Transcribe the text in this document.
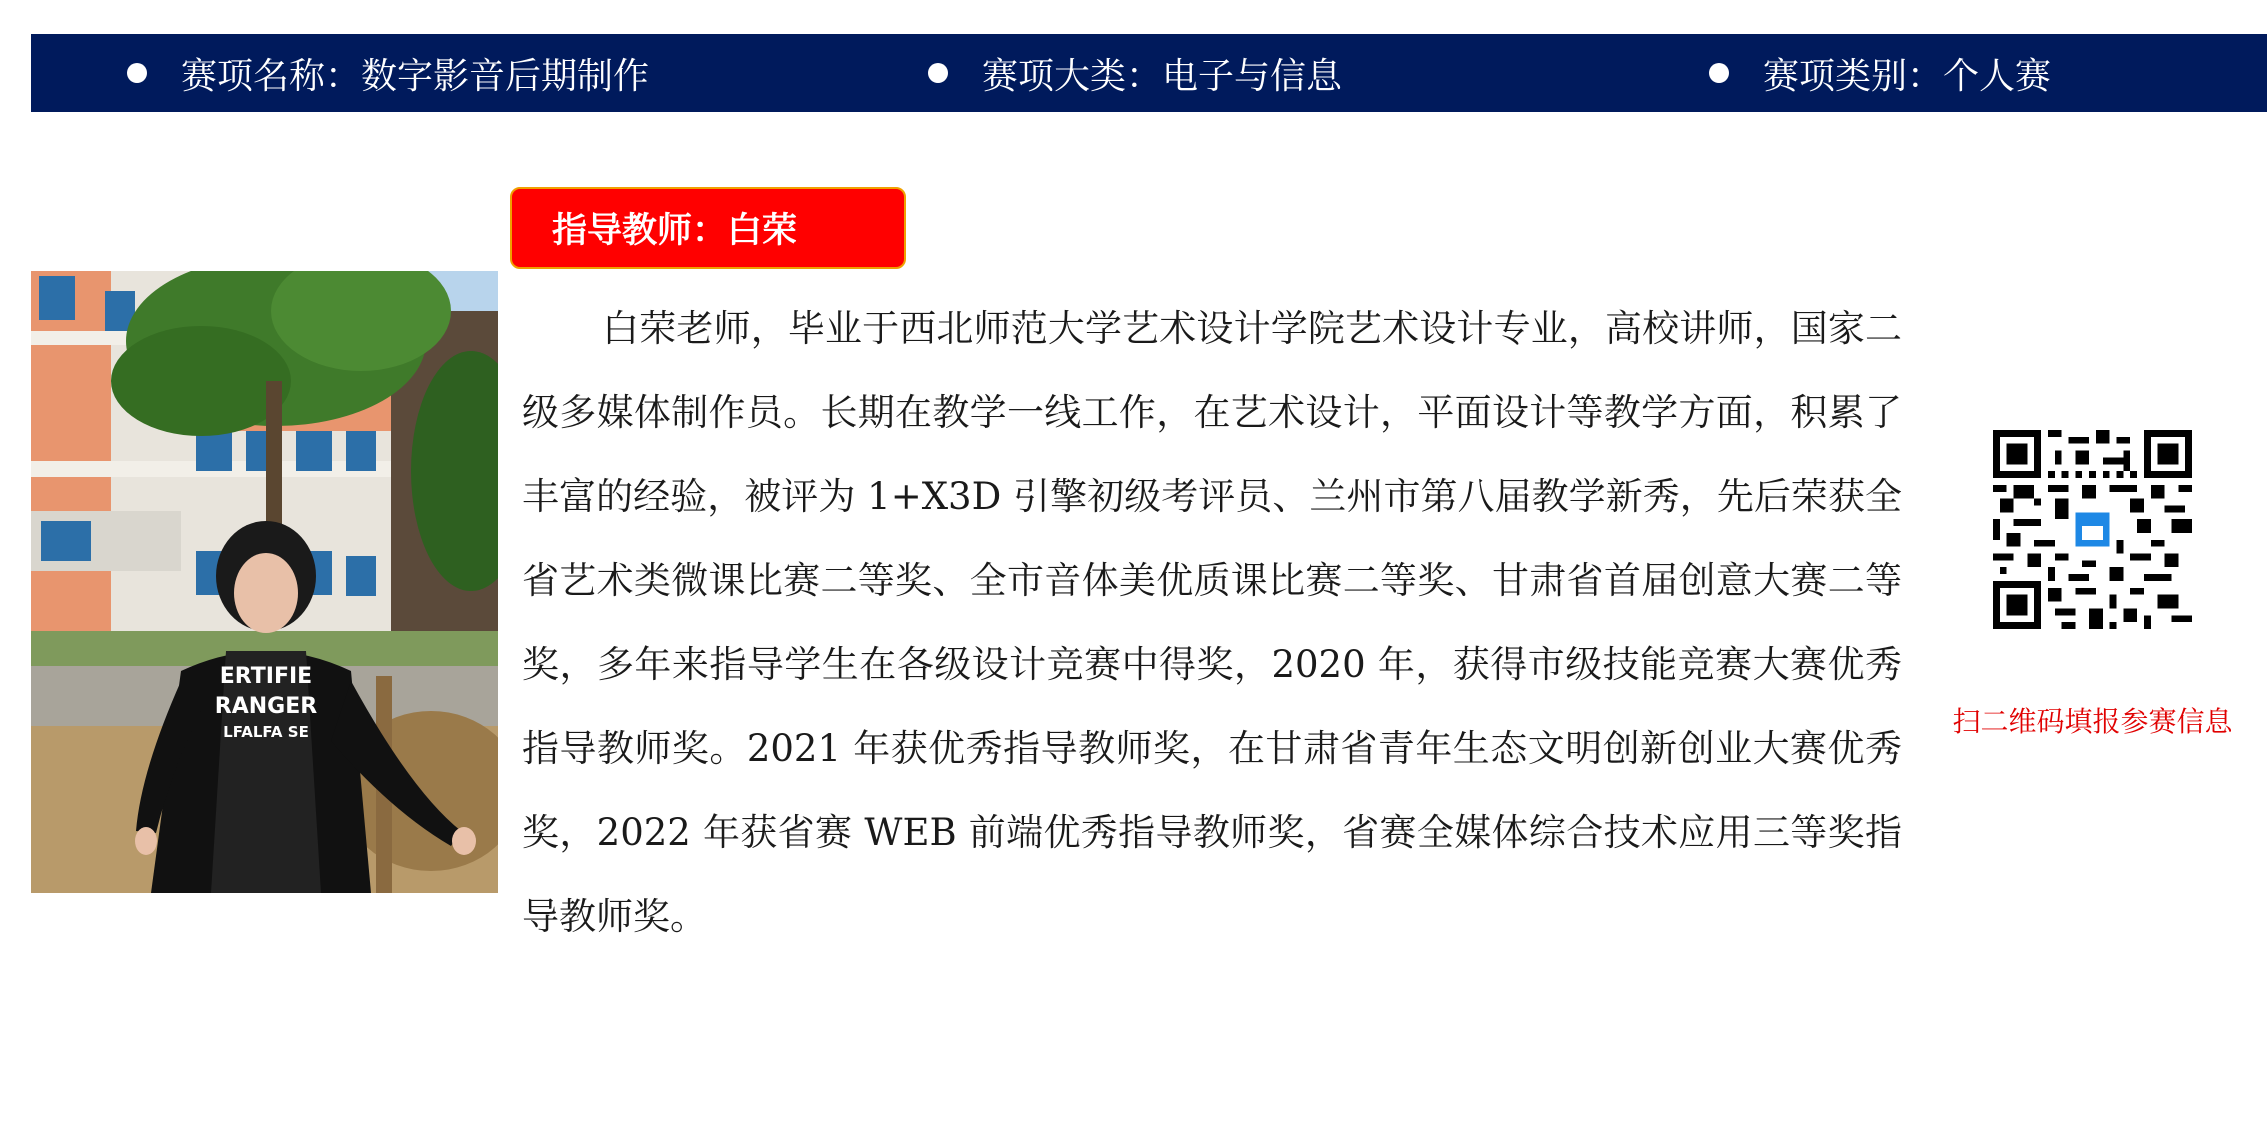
赛项名称：数字影音后期制作	赛项大类：电子与信息	赛项类别：个人赛
指导教师：白荣
ERTIFIE
RANGER
LFALFA SE

白荣老师，毕业于西北师范大学艺术设计学院艺术设计专业，高校讲师，国家二级多媒体制作员。长期在教学一线工作，在艺术设计，平面设计等教学方面，积累了丰富的经验，被评为 1+X3D 引擎初级考评员、兰州市第八届教学新秀，先后荣获全省艺术类微课比赛二等奖、全市音体美优质课比赛二等奖、甘肃省首届创意大赛二等奖，多年来指导学生在各级设计竞赛中得奖，2020 年，获得市级技能竞赛大赛优秀指导教师奖。2021 年获优秀指导教师奖，在甘肃省青年生态文明创新创业大赛优秀奖，2022 年获省赛 WEB 前端优秀指导教师奖，省赛全媒体综合技术应用三等奖指导教师奖。

扫二维码填报参赛信息
